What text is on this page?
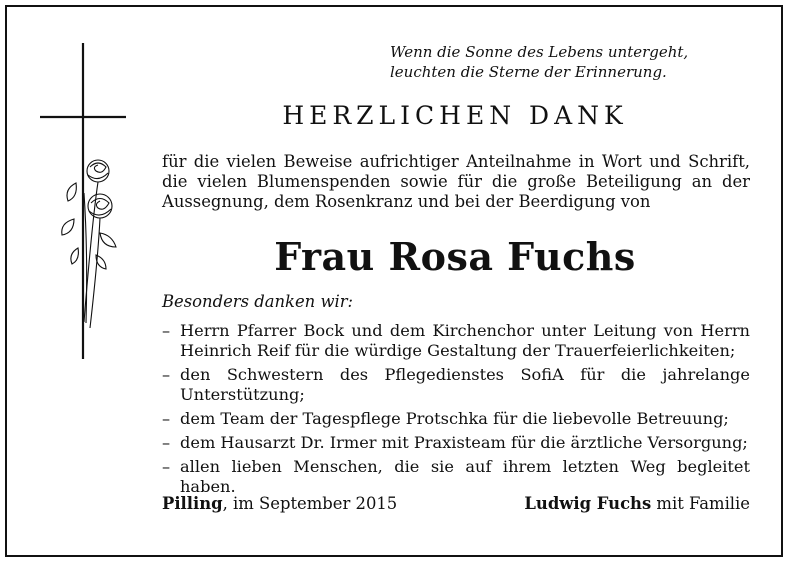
Wenn die Sonne des Lebens untergeht,
leuchten die Sterne der Erinnerung.
HERZLICHEN DANK
für die vielen Beweise aufrichtiger Anteilnahme in Wort und Schrift, die vielen Blumenspenden sowie für die große Beteiligung an der Aussegnung, dem Rosenkranz und bei der Beerdigung von
Frau Rosa Fuchs
Besonders danken wir:
– Herrn Pfarrer Bock und dem Kirchenchor unter Leitung von Herrn Heinrich Reif für die würdige Gestaltung der Trauerfeierlichkeiten;
– den Schwestern des Pflegedienstes SofiA für die jahrelange Unterstützung;
– dem Team der Tagespflege Protschka für die liebevolle Betreuung;
– dem Hausarzt Dr. Irmer mit Praxisteam für die ärztliche Versorgung;
– allen lieben Menschen, die sie auf ihrem letzten Weg begleitet haben.
Pilling, im September 2015	Ludwig Fuchs mit Familie
